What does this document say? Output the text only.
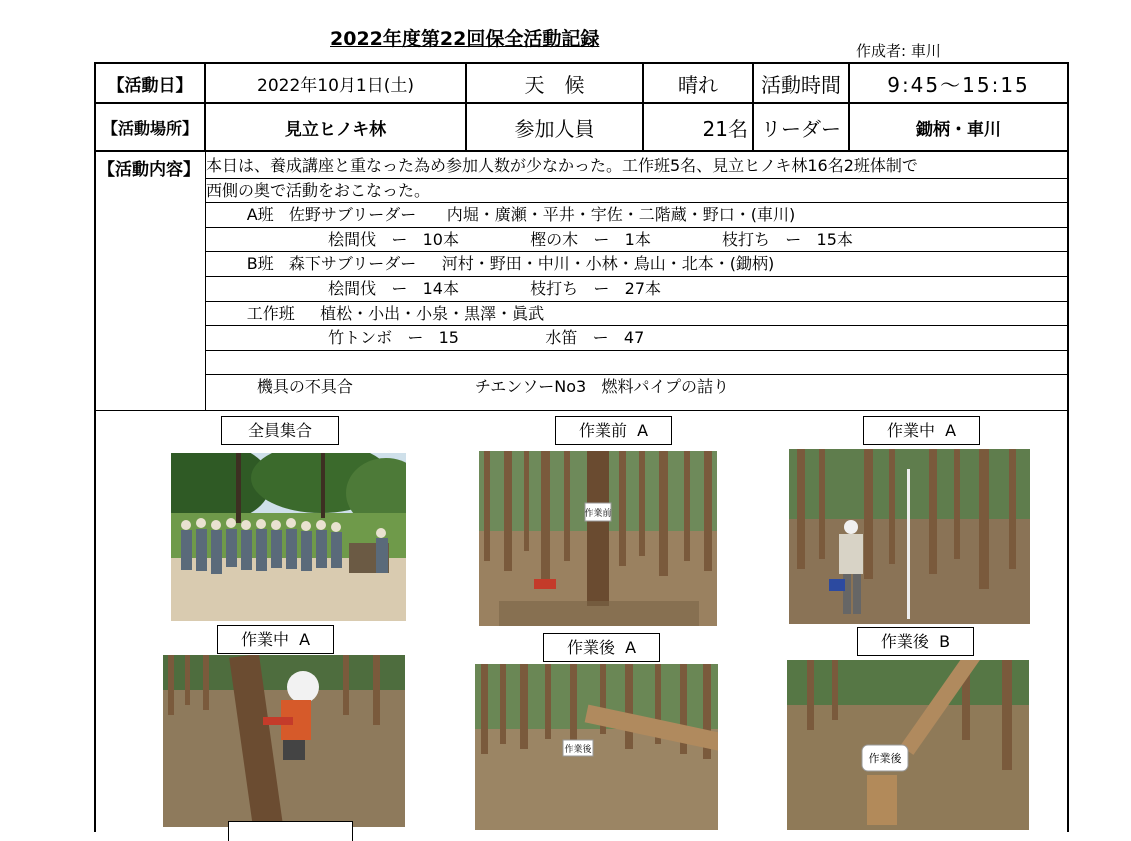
2022年度第22回保全活動記録
作成者: 車川
【活動日】	2022年10月1日(土)	天　候	晴れ	活動時間	9:45〜15:15
【活動場所】	見立ヒノキ林	参加人員	21名 リーダー	鋤柄・車川
【活動内容】 本日は、養成講座と重なった為め参加人数が少なかった。工作班5名、見立ヒノキ林16名2班体制で
西側の奥で活動をおこなった。
A班   佐野サブリーダー      内堀・廣瀬・平井・宇佐・二階蔵・野口・(車川)
桧間伐   ー   10本              樫の木   ー   1本              枝打ち   ー   15本
B班   森下サブリーダー     河村・野田・中川・小林・鳥山・北本・(鋤柄)
桧間伐   ー   14本              枝打ち   ー   27本
工作班     植松・小出・小泉・黒澤・眞武
竹トンボ   ー   15                 水笛   ー   47
機具の不具合                        チエンソーNo3   燃料パイプの詰り
全員集合	作業前  A	作業中  A
作業中  A	作業後  A	作業後  B
作業前
作業後
作業後
